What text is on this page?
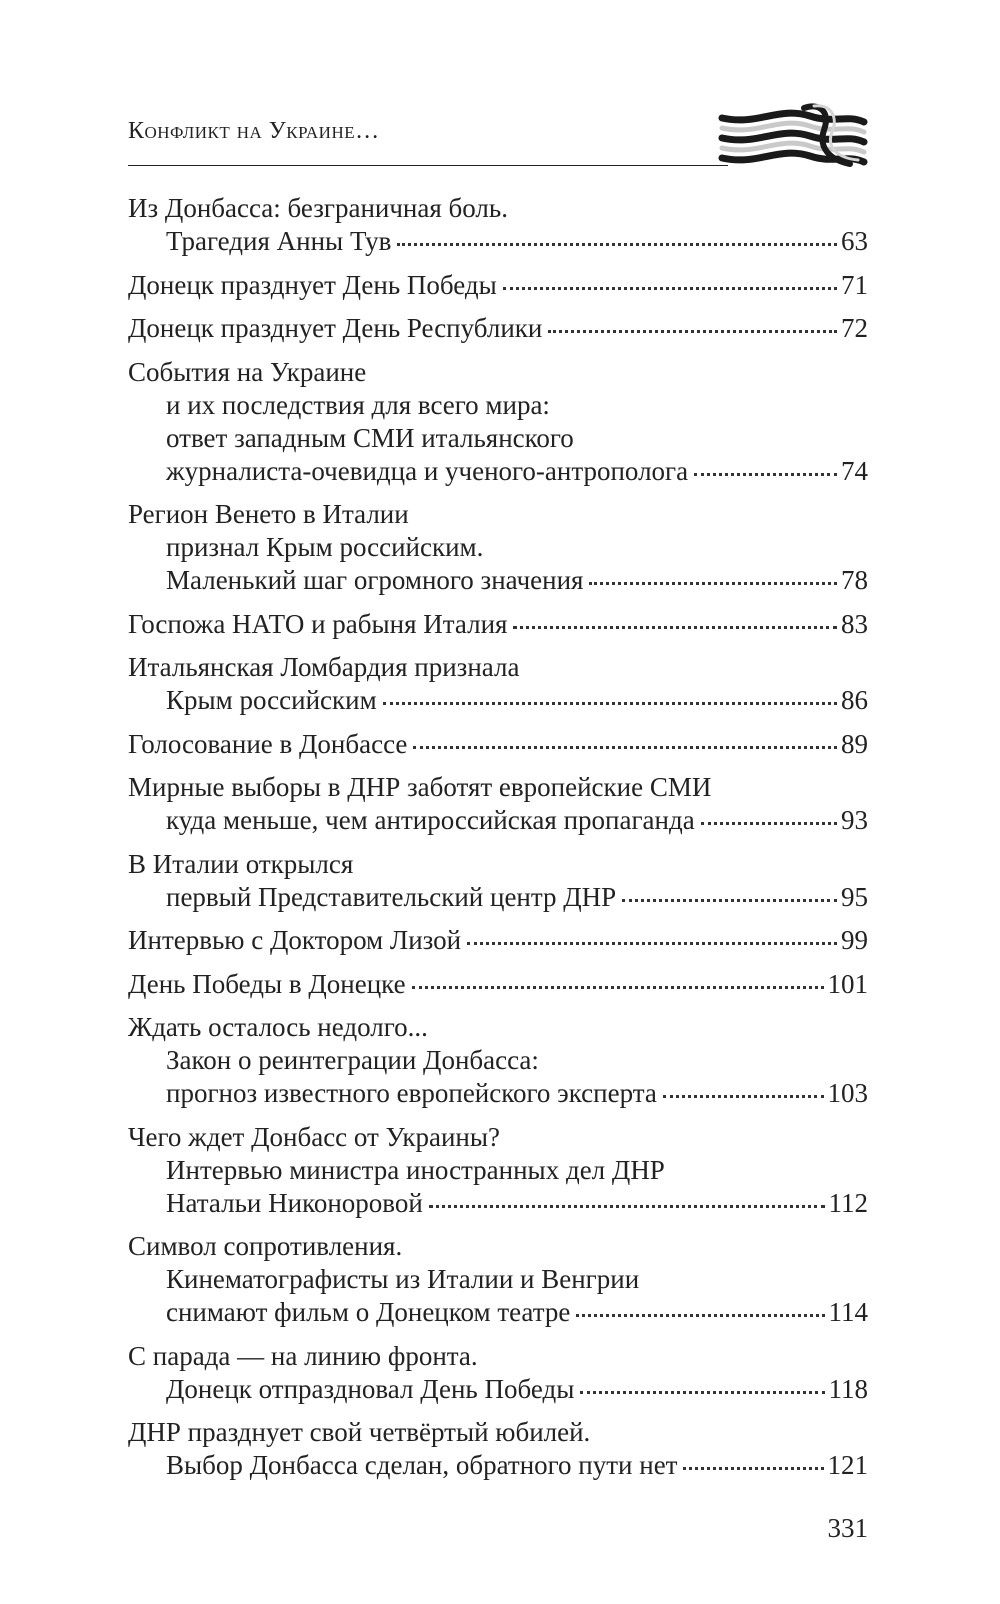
Конфликт на Украине…
Из Донбасса: безграничная боль.
Трагедия Анны Тув	63
Донецк празднует День Победы	71
Донецк празднует День Республики	72
События на Украине
и их последствия для всего мира:
ответ западным СМИ итальянского
журналиста-очевидца и ученого-антрополога	74
Регион Венето в Италии
признал Крым российским.
Маленький шаг огромного значения	78
Госпожа НАТО и рабыня Италия	83
Итальянская Ломбардия признала
Крым российским	86
Голосование в Донбассе	89
Мирные выборы в ДНР заботят европейские СМИ
куда меньше, чем антироссийская пропаганда	93
В Италии открылся
первый Представительский центр ДНР	95
Интервью с Доктором Лизой	99
День Победы в Донецке	101
Ждать осталось недолго...
Закон о реинтеграции Донбасса:
прогноз известного европейского эксперта	103
Чего ждет Донбасс от Украины?
Интервью министра иностранных дел ДНР
Натальи Никоноровой	112
Символ сопротивления.
Кинематографисты из Италии и Венгрии
снимают фильм о Донецком театре	114
С парада — на линию фронта.
Донецк отпраздновал День Победы	118
ДНР празднует свой четвёртый юбилей.
Выбор Донбасса сделан, обратного пути нет	121
331
